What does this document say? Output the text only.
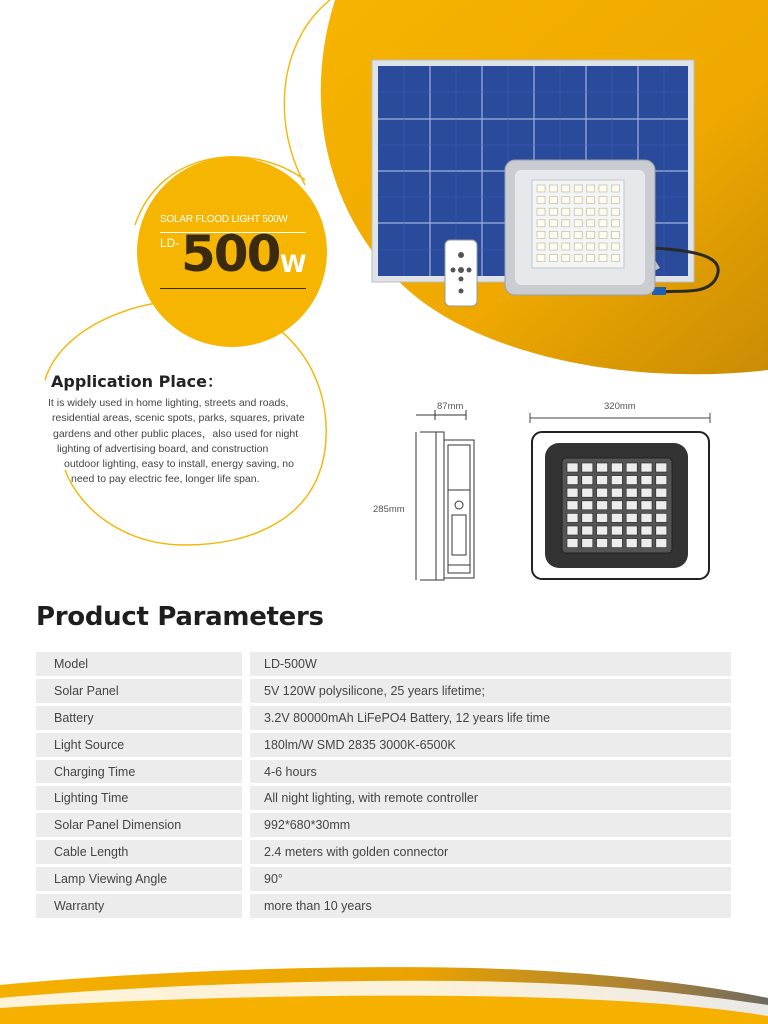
SOLAR FLOOD LIGHT 500W
LD- 500 W
Application Place：
It is widely used in home lighting, streets and roads,
residential areas, scenic spots, parks, squares, private
gardens and other public places，also used for night
lighting of advertising board, and construction
outdoor lighting, easy to install, energy saving, no
need to pay electric fee, longer life span.
87mm	320mm
285mm
Product Parameters
Model		LD-500W
Solar Panel		5V 120W polysilicone, 25 years lifetime;
Battery		3.2V 80000mAh LiFePO4 Battery, 12 years life time
Light Source		180lm/W SMD 2835 3000K-6500K
Charging Time		4-6 hours
Lighting Time		All night lighting, with remote controller
Solar Panel Dimension		992*680*30mm
Cable Length		2.4 meters with golden connector
Lamp Viewing Angle		90°
Warranty		more than 10 years
